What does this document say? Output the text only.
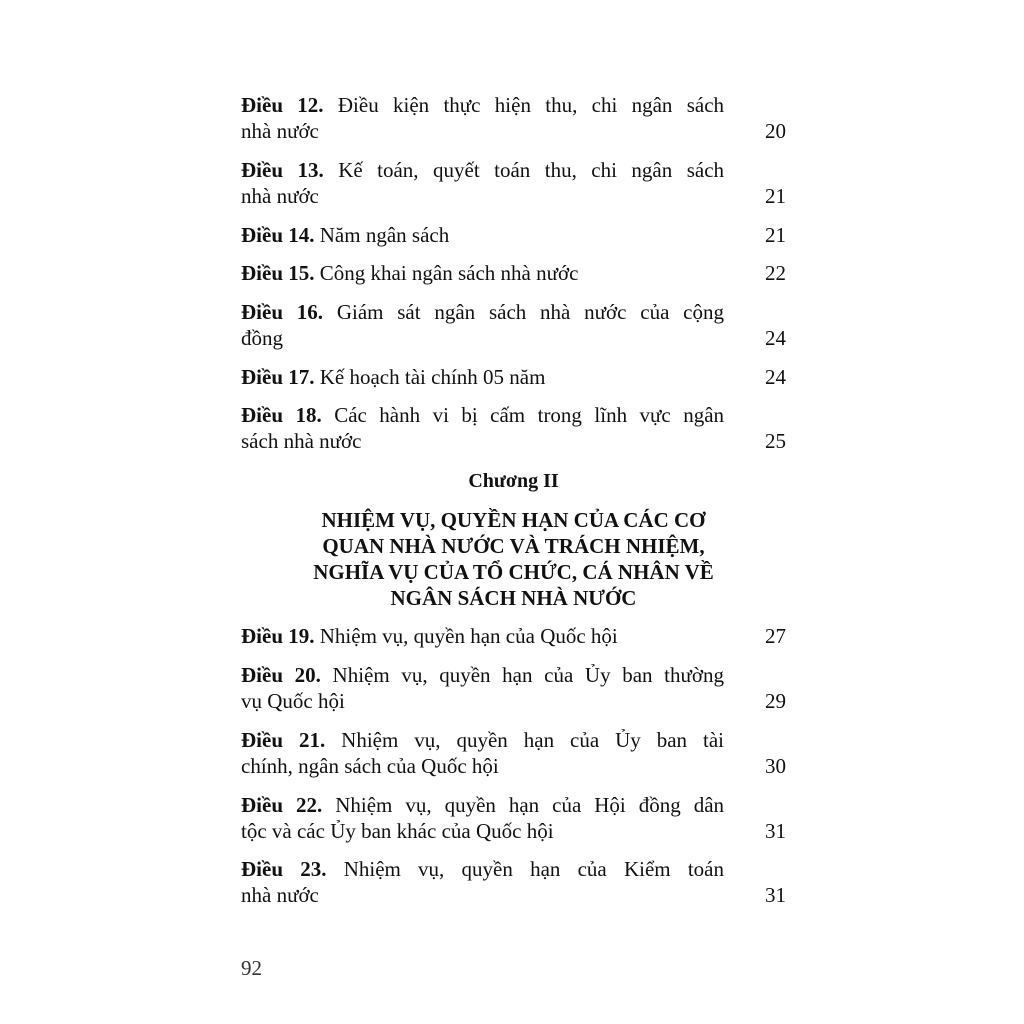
Điều 12. Điều kiện thực hiện thu, chi ngân sách
nhà nước	20
Điều 13. Kế toán, quyết toán thu, chi ngân sách
nhà nước	21
Điều 14. Năm ngân sách	21
Điều 15. Công khai ngân sách nhà nước	22
Điều 16. Giám sát ngân sách nhà nước của cộng
đồng	24
Điều 17. Kế hoạch tài chính 05 năm	24
Điều 18. Các hành vi bị cấm trong lĩnh vực ngân
sách nhà nước	25
Điều 19. Nhiệm vụ, quyền hạn của Quốc hội	27
Điều 20. Nhiệm vụ, quyền hạn của Ủy ban thường
vụ Quốc hội	29
Điều 21. Nhiệm vụ, quyền hạn của Ủy ban tài
chính, ngân sách của Quốc hội	30
Điều 22. Nhiệm vụ, quyền hạn của Hội đồng dân
tộc và các Ủy ban khác của Quốc hội	31
Điều 23. Nhiệm vụ, quyền hạn của Kiểm toán
nhà nước	31
Chương II
NHIỆM VỤ, QUYỀN HẠN CỦA CÁC CƠ
QUAN NHÀ NƯỚC VÀ TRÁCH NHIỆM,
NGHĨA VỤ CỦA TỔ CHỨC, CÁ NHÂN VỀ
NGÂN SÁCH NHÀ NƯỚC
92
